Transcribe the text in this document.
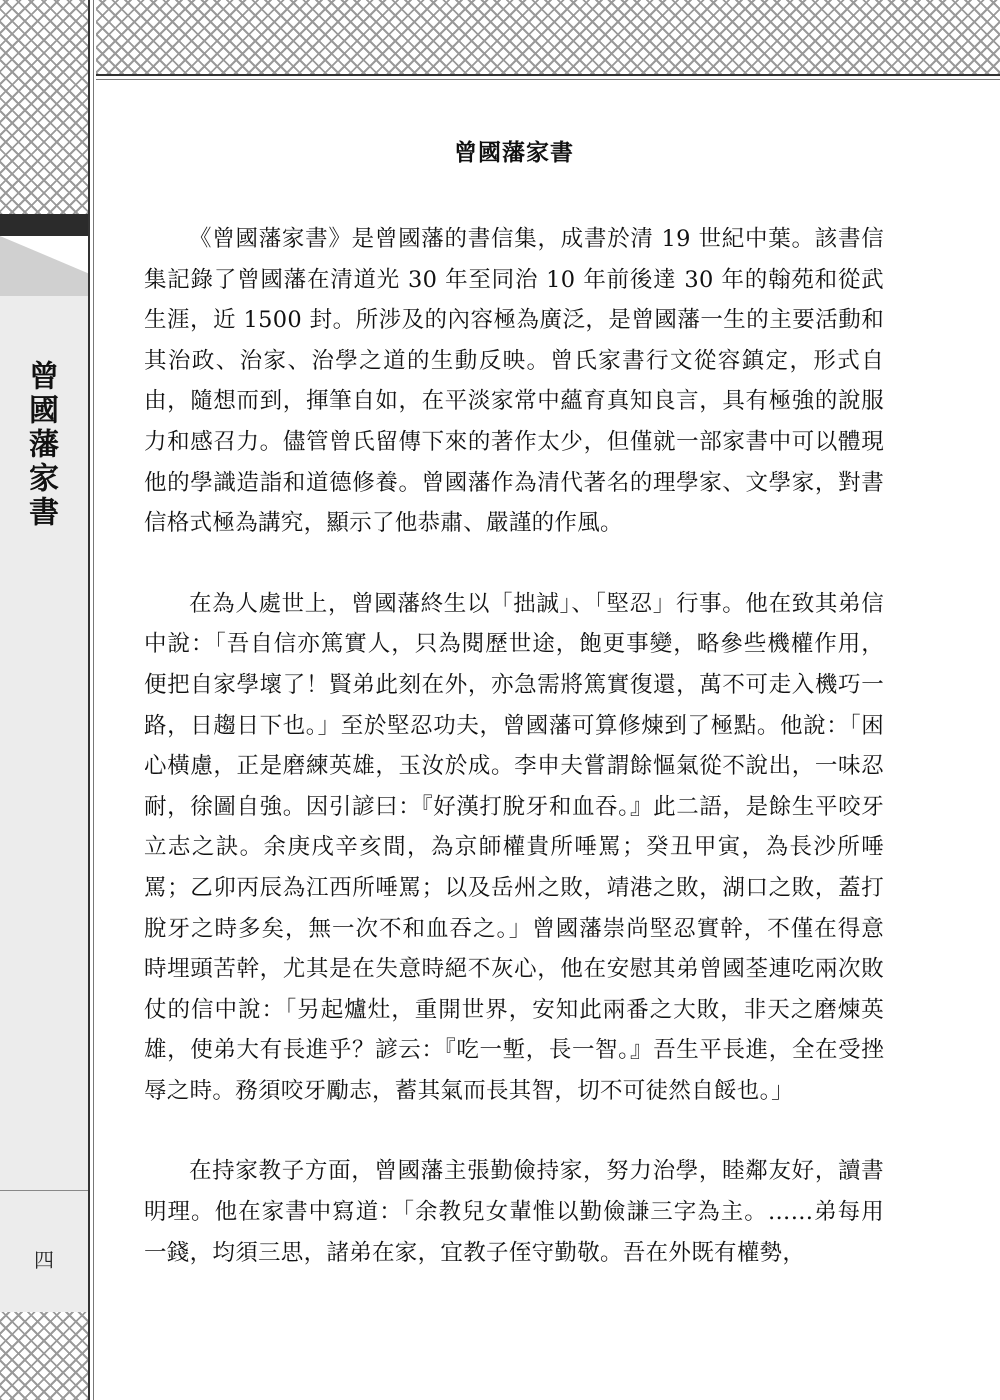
曾國藩家書
四
曾國藩家書

《曾國藩家書》是曾國藩的書信集，成書於清 19 世紀中葉。該書信集記錄了曾國藩在清道光 30 年至同治 10 年前後達 30 年的翰苑和從武生涯，近 1500 封。所涉及的內容極為廣泛，是曾國藩一生的主要活動和其治政、治家、治學之道的生動反映。曾氏家書行文從容鎮定，形式自由，隨想而到，揮筆自如，在平淡家常中蘊育真知良言，具有極強的說服力和感召力。儘管曾氏留傳下來的著作太少，但僅就一部家書中可以體現他的學識造詣和道德修養。曾國藩作為清代著名的理學家、文學家，對書信格式極為講究，顯示了他恭肅、嚴謹的作風。

在為人處世上，曾國藩終生以「拙誠」、「堅忍」行事。他在致其弟信中說：「吾自信亦篤實人，只為閱歷世途，飽更事變，略參些機權作用，便把自家學壞了！賢弟此刻在外，亦急需將篤實復還，萬不可走入機巧一路，日趨日下也。」至於堅忍功夫，曾國藩可算修煉到了極點。他說：「困心橫慮，正是磨練英雄，玉汝於成。李申夫嘗謂餘慪氣從不說出，一味忍耐，徐圖自強。因引諺曰：『好漢打脫牙和血吞。』此二語，是餘生平咬牙立志之訣。余庚戌辛亥間，為京師權貴所唾罵；癸丑甲寅，為長沙所唾罵；乙卯丙辰為江西所唾罵；以及岳州之敗，靖港之敗，湖口之敗，蓋打脫牙之時多矣，無一次不和血吞之。」曾國藩崇尚堅忍實幹，不僅在得意時埋頭苦幹，尤其是在失意時絕不灰心，他在安慰其弟曾國荃連吃兩次敗仗的信中說：「另起爐灶，重開世界，安知此兩番之大敗，非天之磨煉英雄，使弟大有長進乎？諺云：『吃一塹，長一智。』吾生平長進，全在受挫辱之時。務須咬牙勵志，蓄其氣而長其智，切不可徒然自餒也。」

在持家教子方面，曾國藩主張勤儉持家，努力治學，睦鄰友好，讀書明理。他在家書中寫道：「余教兒女輩惟以勤儉謙三字為主。……弟每用一錢，均須三思，諸弟在家，宜教子侄守勤敬。吾在外既有權勢，
